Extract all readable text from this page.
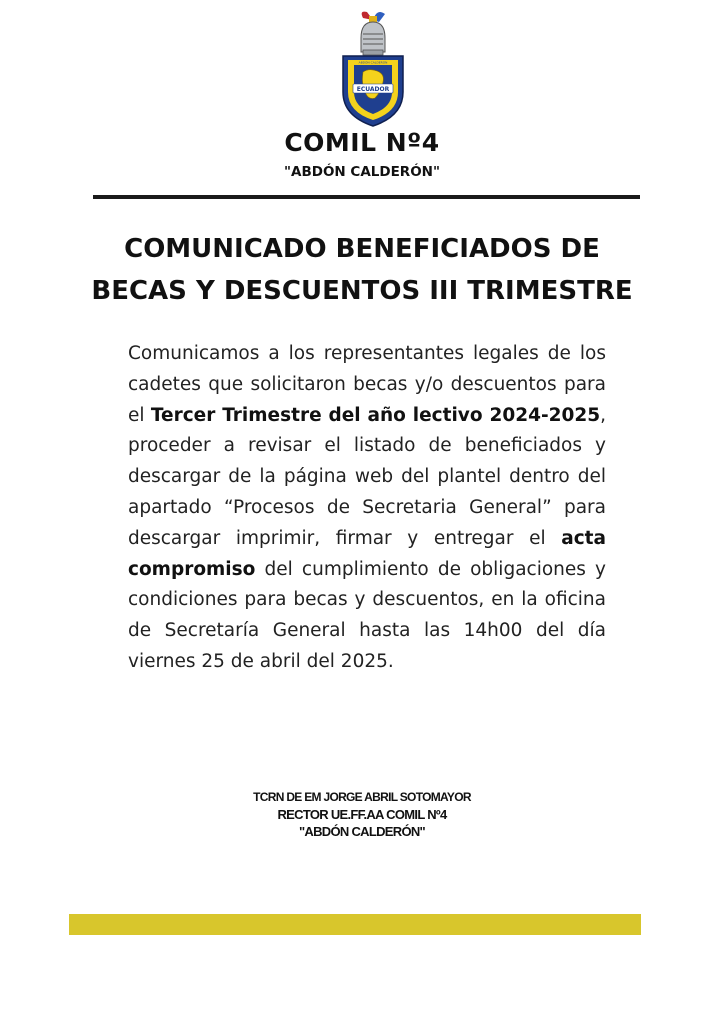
ECUADOR
ABDÓN CALDERÓN
COMIL Nº4
"ABDÓN CALDERÓN"
COMUNICADO BENEFICIADOS DE
BECAS Y DESCUENTOS III TRIMESTRE
Comunicamos a los representantes legales de los cadetes que solicitaron becas y/o descuentos para el Tercer Trimestre del año lectivo 2024-2025, proceder a revisar el listado de beneficiados y descargar de la página web del plantel dentro del apartado “Procesos de Secretaria General” para descargar imprimir, firmar y entregar el acta compromiso del cumplimiento de obligaciones y condiciones para becas y descuentos, en la oficina de Secretaría General hasta las 14h00 del día viernes 25 de abril del 2025.
TCRN DE EM JORGE ABRIL SOTOMAYOR
RECTOR UE.FF.AA COMIL Nº4
"ABDÓN CALDERÓN"
